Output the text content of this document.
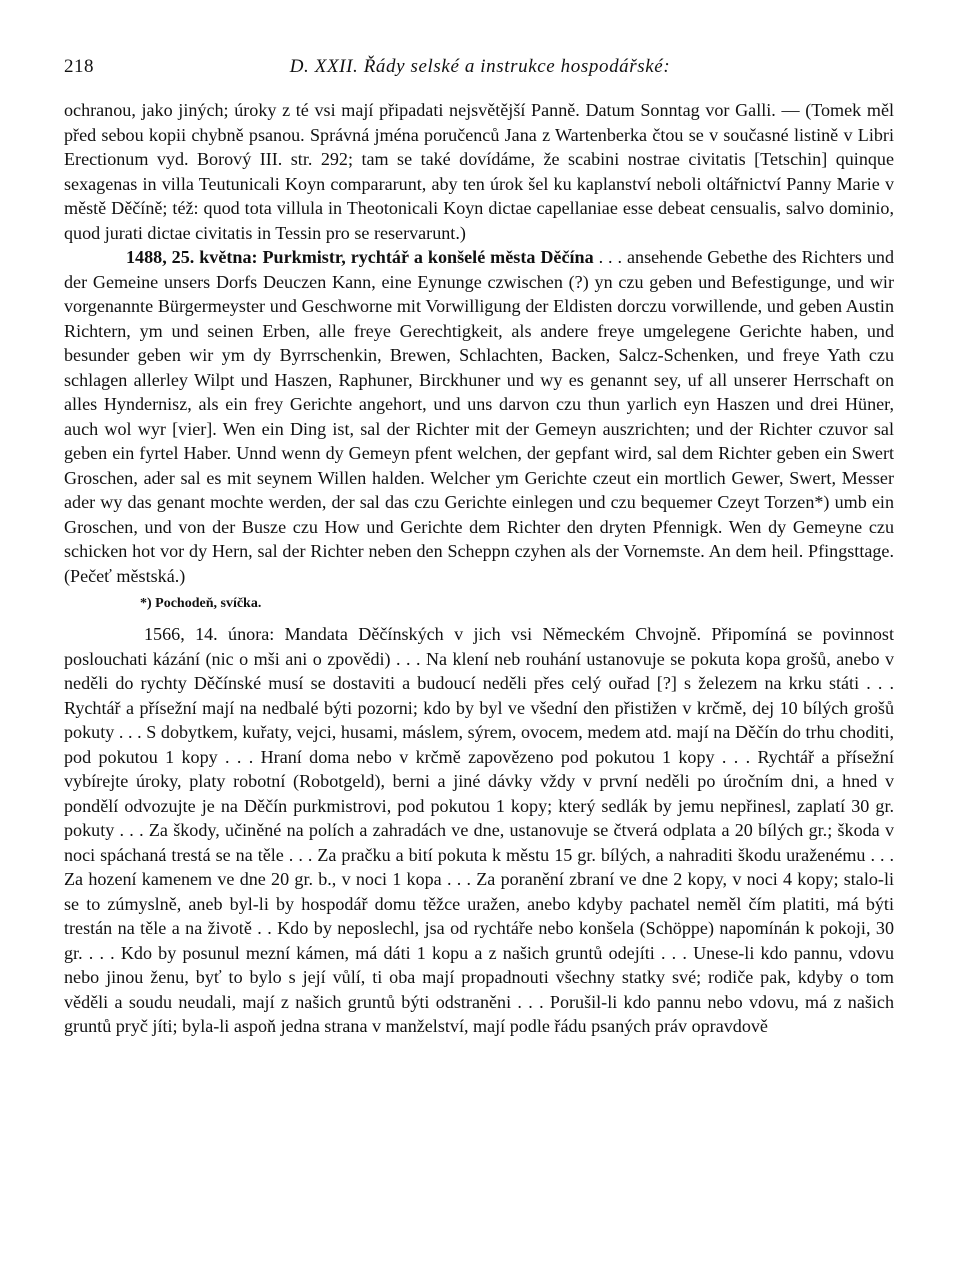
218	D. XXII. Řády selské a instrukce hospodářské:

ochranou, jako jiných; úroky z té vsi mají připadati nejsvětější Panně. Datum Sonntag vor Galli. — (Tomek měl před sebou kopii chybně psanou. Správná jména poručenců Jana z Wartenberka čtou se v současné listině v Libri Erectionum vyd. Borový III. str. 292; tam se také dovídáme, že scabini nostrae civitatis [Tetschin] quinque sexagenas in villa Teutunicali Koyn compararunt, aby ten úrok šel ku kaplanství neboli oltářnictví Panny Marie v městě Děčíně; též: quod tota villula in Theotonicali Koyn dictae capellaniae esse debeat censualis, salvo dominio, quod jurati dictae civitatis in Tessin pro se reservarunt.)

1488, 25. května: Purkmistr, rychtář a konšelé města Děčína . . . ansehende Gebethe des Richters und der Gemeine unsers Dorfs Deuczen Kann, eine Eynunge czwischen (?) yn czu geben und Befestigunge, und wir vorgenannte Bürgermeyster und Geschworne mit Vorwilligung der Eldisten dorczu vorwillende, und geben Austin Richtern, ym und seinen Erben, alle freye Gerechtigkeit, als andere freye umgelegene Gerichte haben, und besunder geben wir ym dy Byrrschenkin, Brewen, Schlachten, Backen, Salcz-Schenken, und freye Yath czu schlagen allerley Wilpt und Haszen, Raphuner, Birckhuner und wy es genannt sey, uf all unserer Herrschaft on alles Hyndernisz, als ein frey Gerichte angehort, und uns darvon czu thun yarlich eyn Haszen und drei Hüner, auch wol wyr [vier]. Wen ein Ding ist, sal der Richter mit der Gemeyn auszrichten; und der Richter czuvor sal geben ein fyrtel Haber. Unnd wenn dy Gemeyn pfent welchen, der gepfant wird, sal dem Richter geben ein Swert Groschen, ader sal es mit seynem Willen halden. Welcher ym Gerichte czeut ein mortlich Gewer, Swert, Messer ader wy das genant mochte werden, der sal das czu Gerichte einlegen und czu bequemer Czeyt Torzen*) umb ein Groschen, und von der Busze czu How und Gerichte dem Richter den dryten Pfennigk. Wen dy Gemeyne czu schicken hot vor dy Hern, sal der Richter neben den Scheppn czyhen als der Vornemste. An dem heil. Pfingsttage. (Pečeť městská.)

*) Pochodeň, svíčka.

1566, 14. února: Mandata Děčínských v jich vsi Německém Chvojně. Připomíná se povinnost poslouchati kázání (nic o mši ani o zpovědi) . . . Na klení neb rouhání ustanovuje se pokuta kopa grošů, anebo v neděli do rychty Děčínské musí se dostaviti a budoucí neděli přes celý ouřad [?] s železem na krku státi . . . Rychtář a přísežní mají na nedbalé býti pozorni; kdo by byl ve všední den přistižen v krčmě, dej 10 bílých grošů pokuty . . . S dobytkem, kuřaty, vejci, husami, máslem, sýrem, ovocem, medem atd. mají na Děčín do trhu choditi, pod pokutou 1 kopy . . . Hraní doma nebo v krčmě zapovězeno pod pokutou 1 kopy . . . Rychtář a přísežní vybírejte úroky, platy robotní (Robotgeld), berni a jiné dávky vždy v první neděli po úročním dni, a hned v pondělí odvozujte je na Děčín purkmistrovi, pod pokutou 1 kopy; který sedlák by jemu nepřinesl, zaplatí 30 gr. pokuty . . . Za škody, učiněné na polích a zahradách ve dne, ustanovuje se čtverá odplata a 20 bílých gr.; škoda v noci spáchaná trestá se na těle . . . Za pračku a bití pokuta k městu 15 gr. bílých, a nahraditi škodu uraženému . . . Za hození kamenem ve dne 20 gr. b., v noci 1 kopa . . . Za poranění zbraní ve dne 2 kopy, v noci 4 kopy; stalo-li se to zúmyslně, aneb byl-li by hospodář domu těžce uražen, anebo kdyby pachatel neměl čím platiti, má býti trestán na těle a na životě . . Kdo by neposlechl, jsa od rychtáře nebo konšela (Schöppe) napomínán k pokoji, 30 gr. . . . Kdo by posunul mezní kámen, má dáti 1 kopu a z našich gruntů odejíti . . . Unese-li kdo pannu, vdovu nebo jinou ženu, byť to bylo s její vůlí, ti oba mají propadnouti všechny statky své; rodiče pak, kdyby o tom věděli a soudu neudali, mají z našich gruntů býti odstraněni . . . Porušil-li kdo pannu nebo vdovu, má z našich gruntů pryč jíti; byla-li aspoň jedna strana v manželství, mají podle řádu psaných práv opravdově
